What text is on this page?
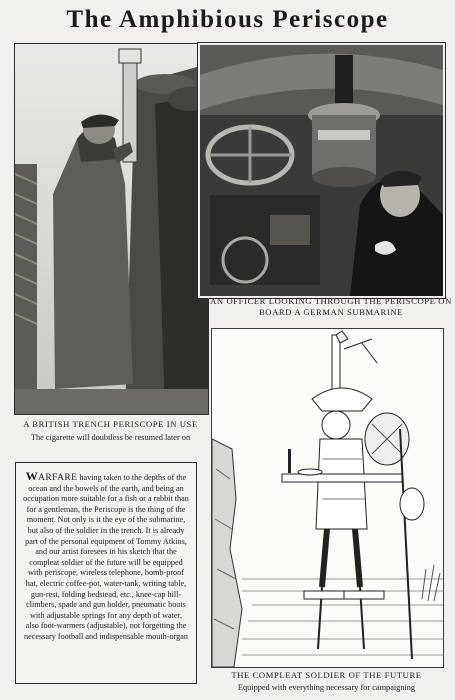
The Amphibious Periscope
AN OFFICER LOOKING THROUGH THE PERISCOPE ON BOARD A GERMAN SUBMARINE
A BRITISH TRENCH PERISCOPE IN USE
The cigarette will doubtless be resumed later on
WARFARE having taken to the depths of the ocean and the bowels of the earth, and being an occupation more suitable for a fish or a rabbit than for a gentleman, the Periscope is the thing of the moment. Not only is it the eye of the submarine, but also of the soldier in the trench. It is already part of the personal equipment of Tommy Atkins, and our artist foresees in his sketch that the compleat soldier of the future will be equipped with periscope, wireless telephone, bomb-proof hat, electric coffee-pot, water-tank, writing table, gun-rest, folding bedstead, etc., knee-cap hill-climbers, spade and gun holder, pneumatic boots with adjustable springs for any depth of water, also foot-warmers (adjustable), not forgetting the necessary football and indispensable mouth-organ
THE COMPLEAT SOLDIER OF THE FUTURE
Equipped with everything necessary for campaigning
